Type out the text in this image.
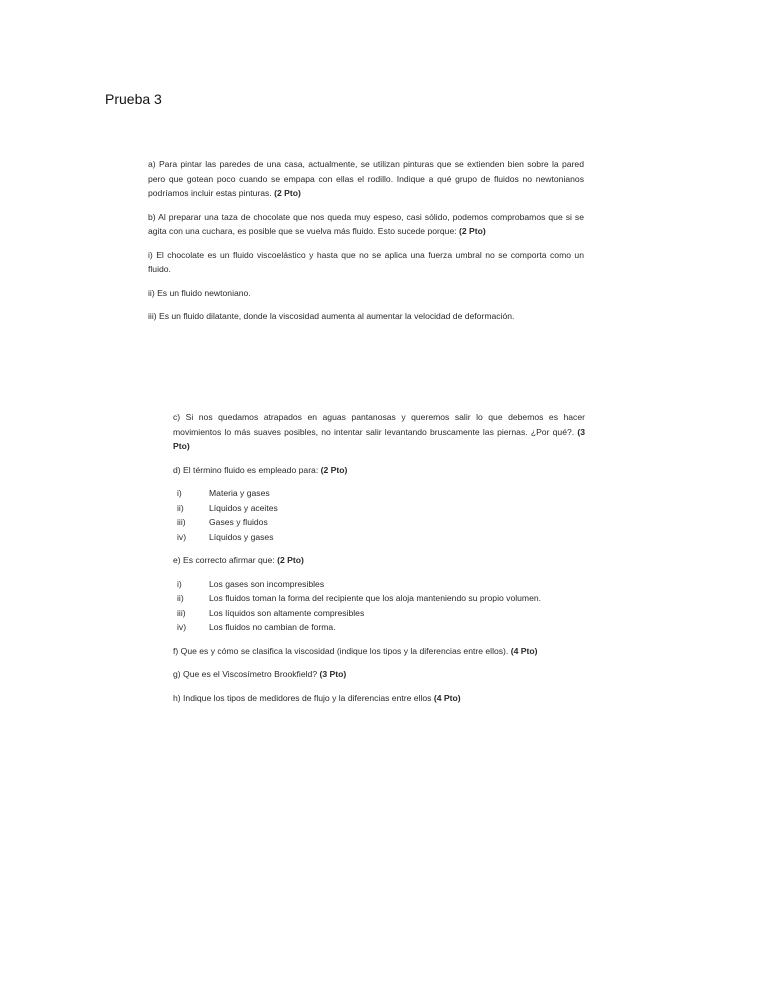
Prueba 3

a) Para pintar las paredes de una casa, actualmente, se utilizan pinturas que se extienden bien sobre la pared pero que gotean poco cuando se empapa con ellas el rodillo. Indique a qué grupo de fluidos no newtonianos podríamos incluir estas pinturas. (2 Pto)

b) Al preparar una taza de chocolate que nos queda muy espeso, casi sólido, podemos comprobamos que si se agita con una cuchara, es posible que se vuelva más fluido. Esto sucede porque: (2 Pto)

i) El chocolate es un fluido viscoelástico y hasta que no se aplica una fuerza umbral no se comporta como un fluido.

ii) Es un fluido newtoniano.

iii) Es un fluido dilatante, donde la viscosidad aumenta al aumentar la velocidad de deformación.

c) Si nos quedamos atrapados en aguas pantanosas y queremos salir lo que debemos es hacer movimientos lo más suaves posibles, no intentar salir levantando bruscamente las piernas. ¿Por qué?. (3 Pto)

d) El término fluido es empleado para: (2 Pto)

i)	Materia y gases
ii)	Líquidos y aceites
iii)	Gases y fluidos
iv)	Líquidos y gases

e) Es correcto afirmar que: (2 Pto)

i)	Los gases son incompresibles
ii)	Los fluidos toman la forma del recipiente que los aloja manteniendo su propio volumen.
iii)	Los líquidos son altamente compresibles
iv)	Los fluidos no cambian de forma.

f) Que es y cómo se clasifica la viscosidad (indique los tipos y la diferencias entre ellos). (4 Pto)

g) Que es el Viscosímetro Brookfield? (3 Pto)

h) Indique los tipos de medidores de flujo y la diferencias entre ellos (4 Pto)
